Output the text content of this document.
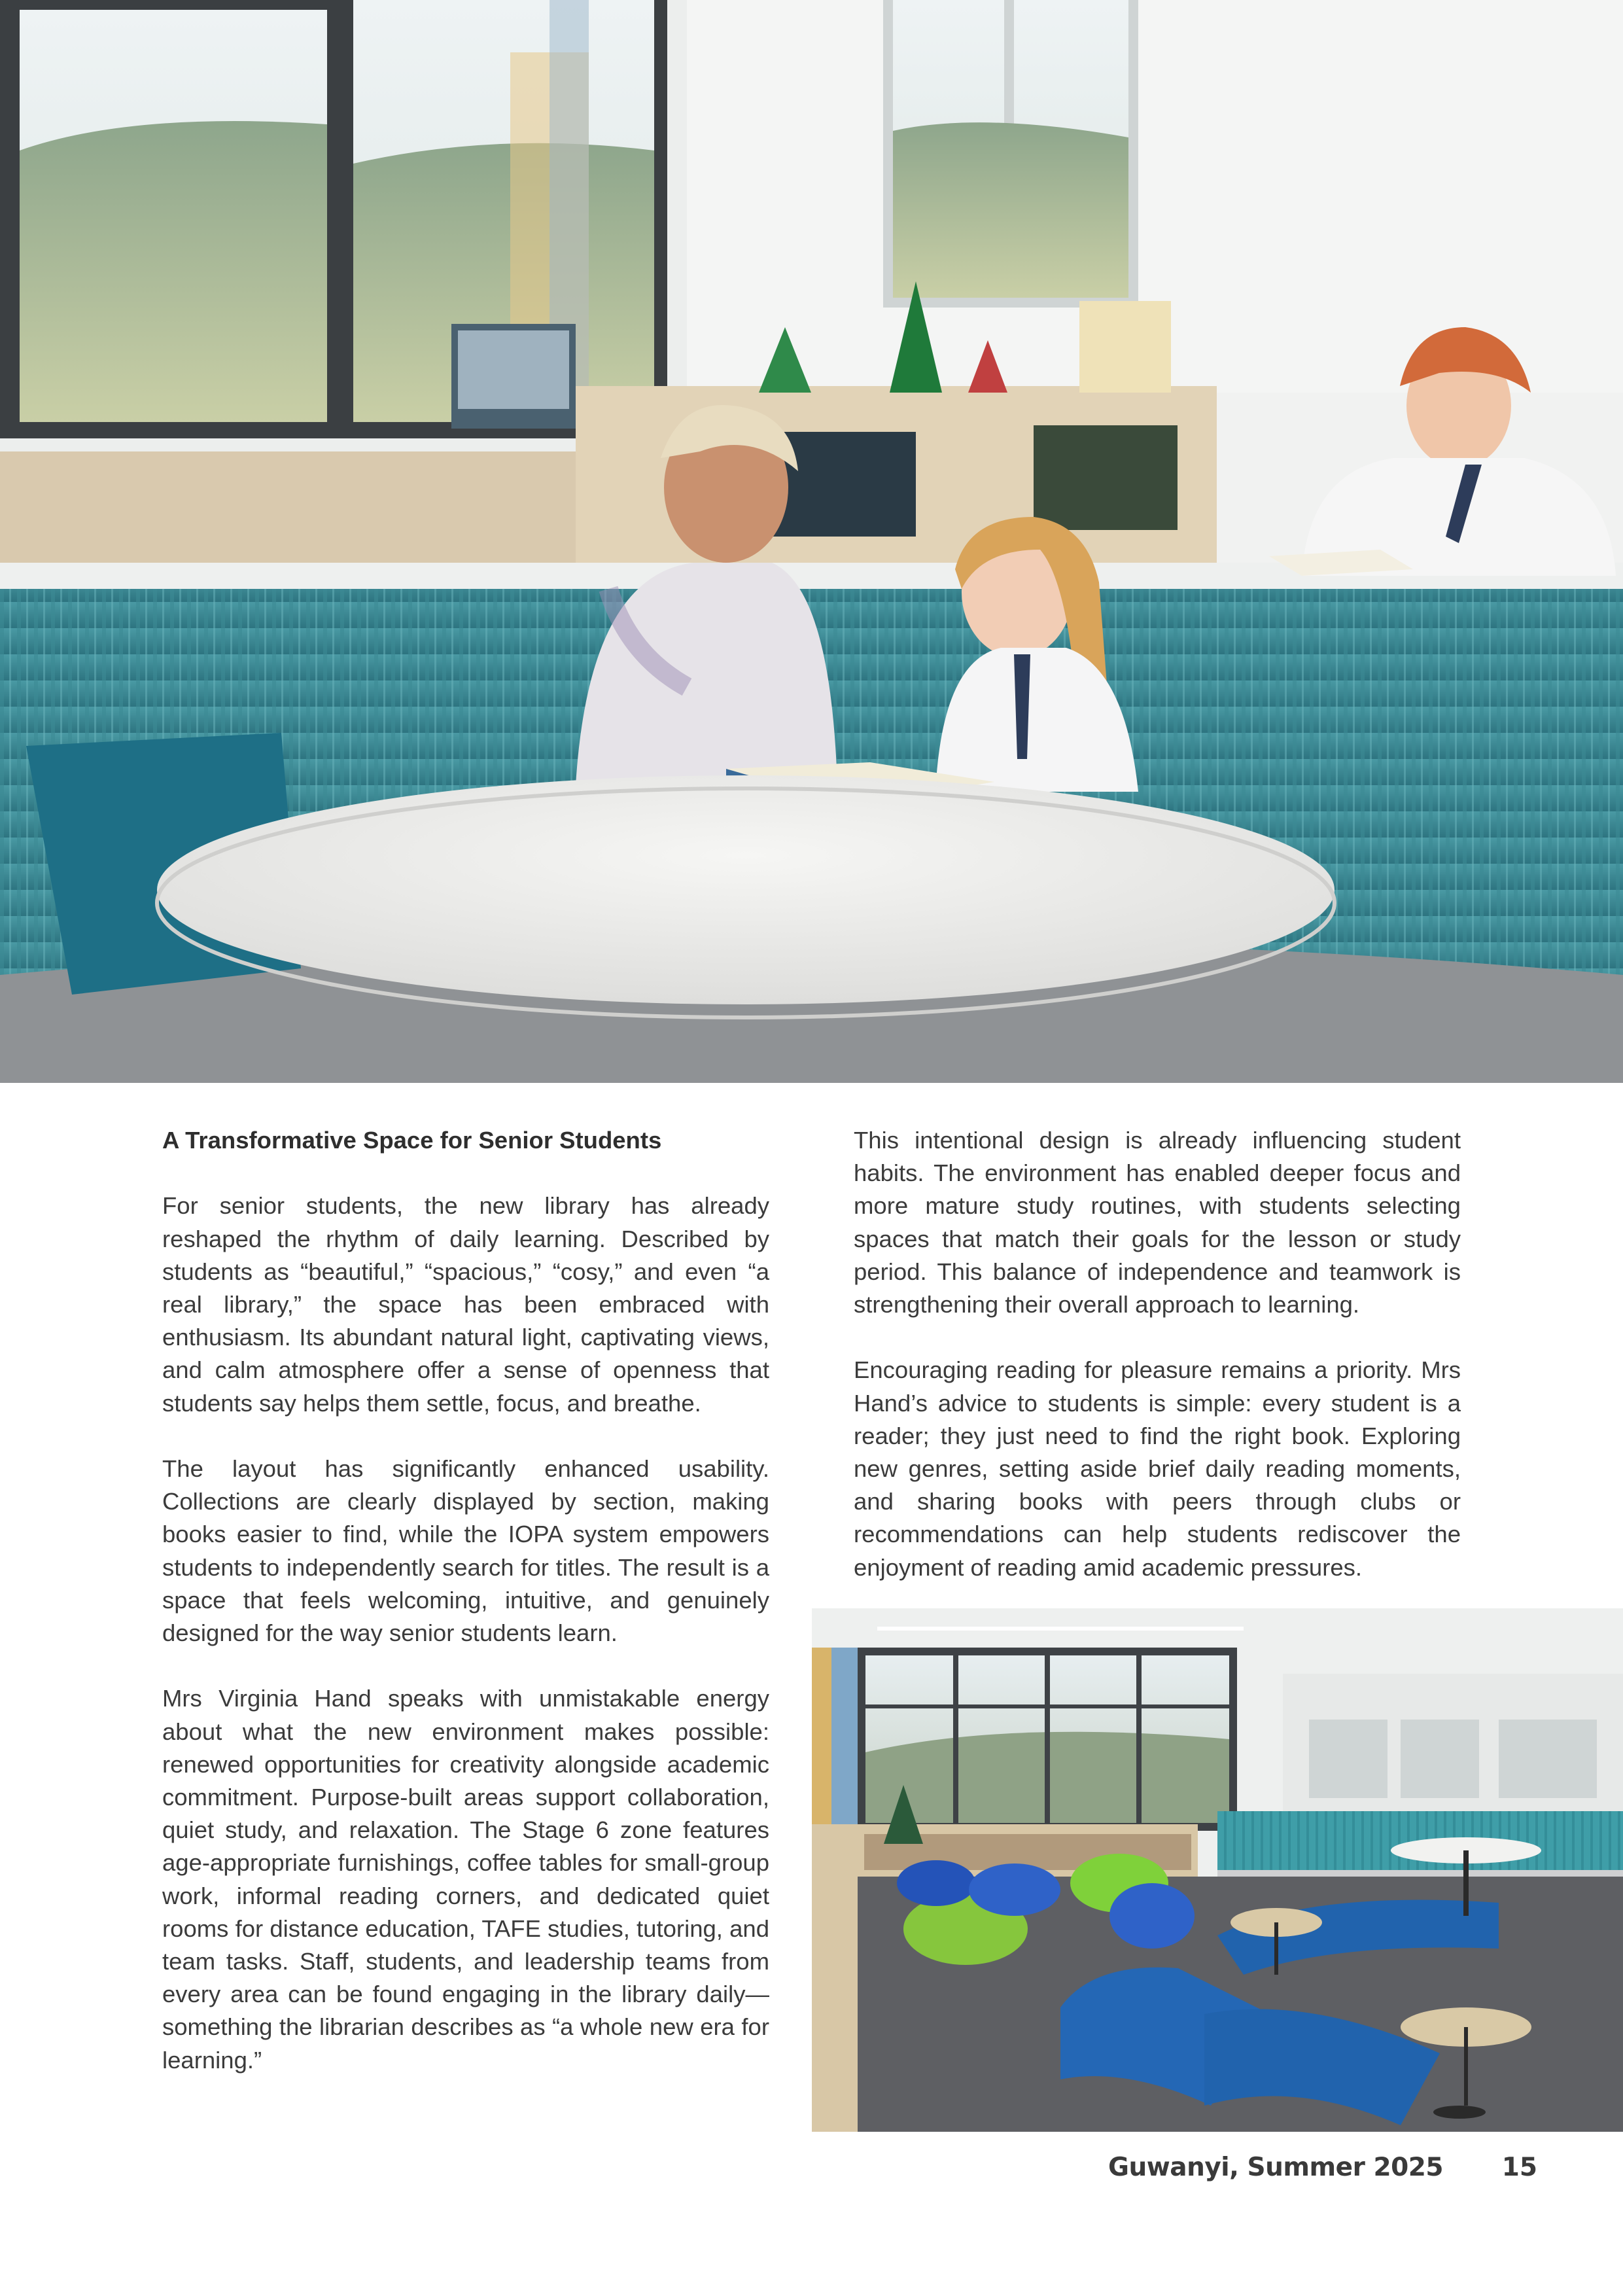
A Transformative Space for Senior Students

For senior students, the new library has already reshaped the rhythm of daily learning. Described by students as “beautiful,” “spacious,” “cosy,” and even “a real library,” the space has been embraced with enthusiasm. Its abundant natural light, captivating views, and calm atmosphere offer a sense of openness that students say helps them settle, focus, and breathe.

The layout has significantly enhanced usability. Collections are clearly displayed by section, making books easier to find, while the IOPA system empowers students to independently search for titles. The result is a space that feels welcoming, intuitive, and genuinely designed for the way senior students learn.

Mrs Virginia Hand speaks with unmistakable energy about what the new environment makes possible: renewed opportunities for creativity alongside academic commitment. Purpose-built areas support collaboration, quiet study, and relaxation. The Stage 6 zone features age-appropriate furnishings, coffee tables for small-group work, informal reading corners, and dedicated quiet rooms for distance education, TAFE studies, tutoring, and team tasks. Staff, students, and leadership teams from every area can be found engaging in the library daily—something the librarian describes as “a whole new era for learning.”

This intentional design is already influencing student habits. The environment has enabled deeper focus and more mature study routines, with students selecting spaces that match their goals for the lesson or study period. This balance of independence and teamwork is strengthening their overall approach to learning.

Encouraging reading for pleasure remains a priority. Mrs Hand’s advice to students is simple: every student is a reader; they just need to find the right book. Exploring new genres, setting aside brief daily reading moments, and sharing books with peers through clubs or recommendations can help students rediscover the enjoyment of reading amid academic pressures.

Guwanyi, Summer 2025 15
